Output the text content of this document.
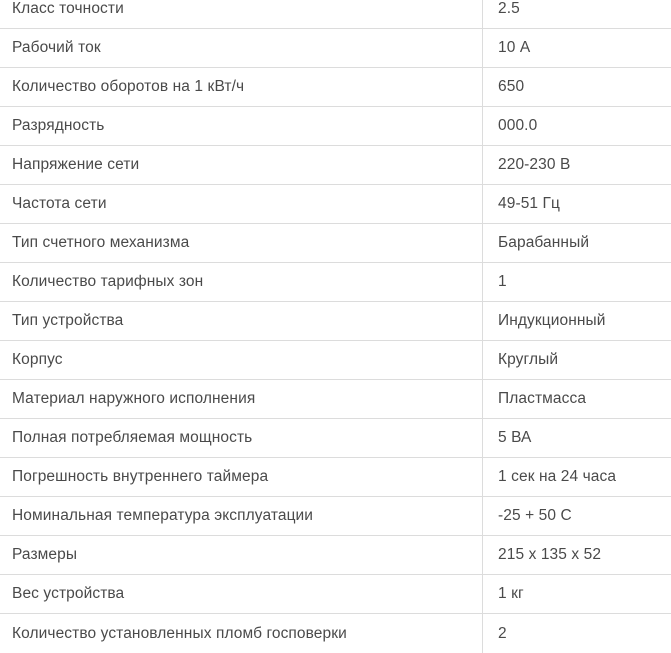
Класс точности	2.5
Рабочий ток	10 А
Количество оборотов на 1 кВт/ч	650
Разрядность	000.0
Напряжение сети	220-230 В
Частота сети	49-51 Гц
Тип счетного механизма	Барабанный
Количество тарифных зон	1
Тип устройства	Индукционный
Корпус	Круглый
Материал наружного исполнения	Пластмасса
Полная потребляемая мощность	5 ВА
Погрешность внутреннего таймера	1 сек на 24 часа
Номинальная температура эксплуатации	-25 + 50 С
Размеры	215 х 135 х 52
Вес устройства	1 кг
Количество установленных пломб госповерки	2
